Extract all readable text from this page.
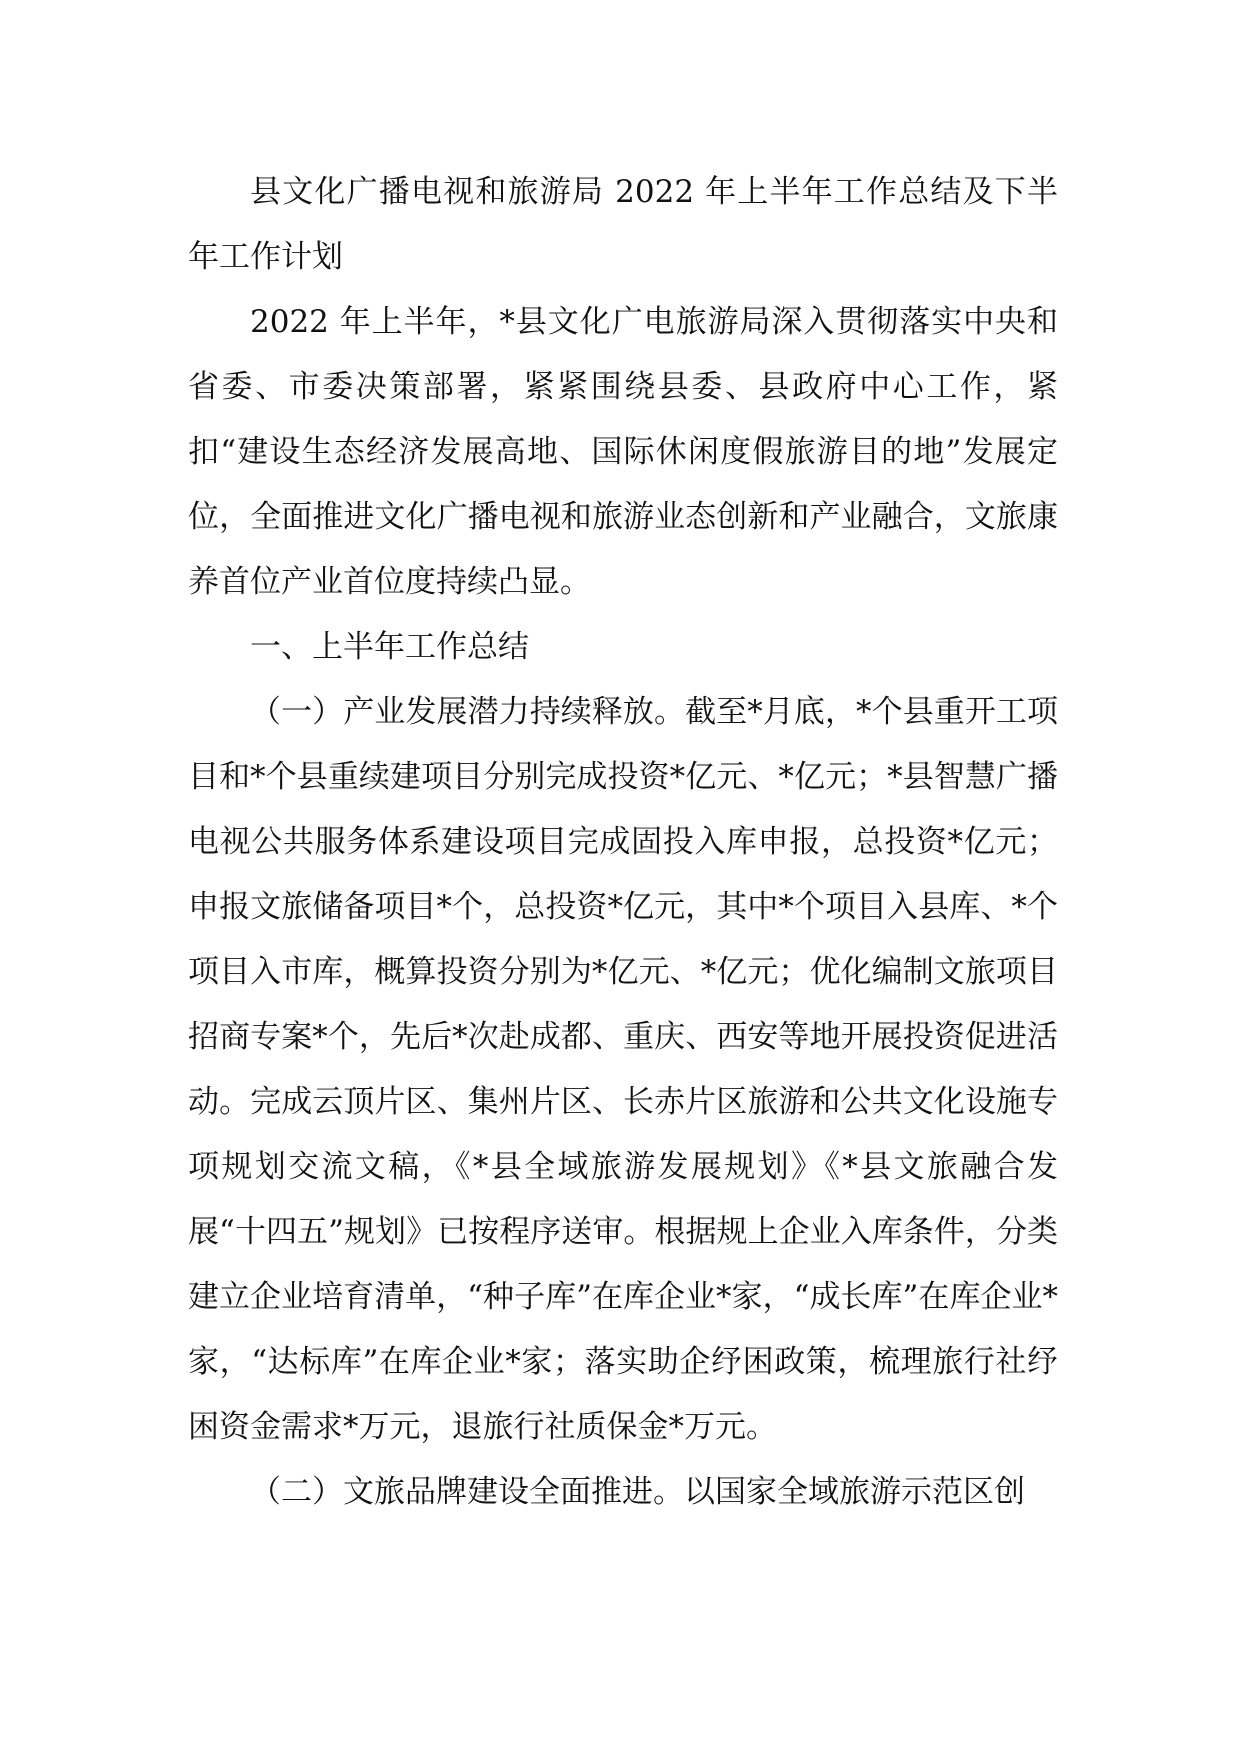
县文化广播电视和旅游局 2022 年上半年工作总结及下半年工作计划

2022 年上半年，*县文化广电旅游局深入贯彻落实中央和省委、市委决策部署，紧紧围绕县委、县政府中心工作，紧扣“建设生态经济发展高地、国际休闲度假旅游目的地”发展定位，全面推进文化广播电视和旅游业态创新和产业融合，文旅康养首位产业首位度持续凸显。

一、上半年工作总结

（一）产业发展潜力持续释放。截至*月底，*个县重开工项目和*个县重续建项目分别完成投资*亿元、*亿元；*县智慧广播电视公共服务体系建设项目完成固投入库申报，总投资*亿元；申报文旅储备项目*个，总投资*亿元，其中*个项目入县库、*个项目入市库，概算投资分别为*亿元、*亿元；优化编制文旅项目招商专案*个，先后*次赴成都、重庆、西安等地开展投资促进活动。完成云顶片区、集州片区、长赤片区旅游和公共文化设施专项规划交流文稿，《*县全域旅游发展规划》《*县文旅融合发展“十四五”规划》已按程序送审。根据规上企业入库条件，分类建立企业培育清单，“种子库”在库企业*家，“成长库”在库企业*家，“达标库”在库企业*家；落实助企纾困政策，梳理旅行社纾困资金需求*万元，退旅行社质保金*万元。

（二）文旅品牌建设全面推进。以国家全域旅游示范区创
